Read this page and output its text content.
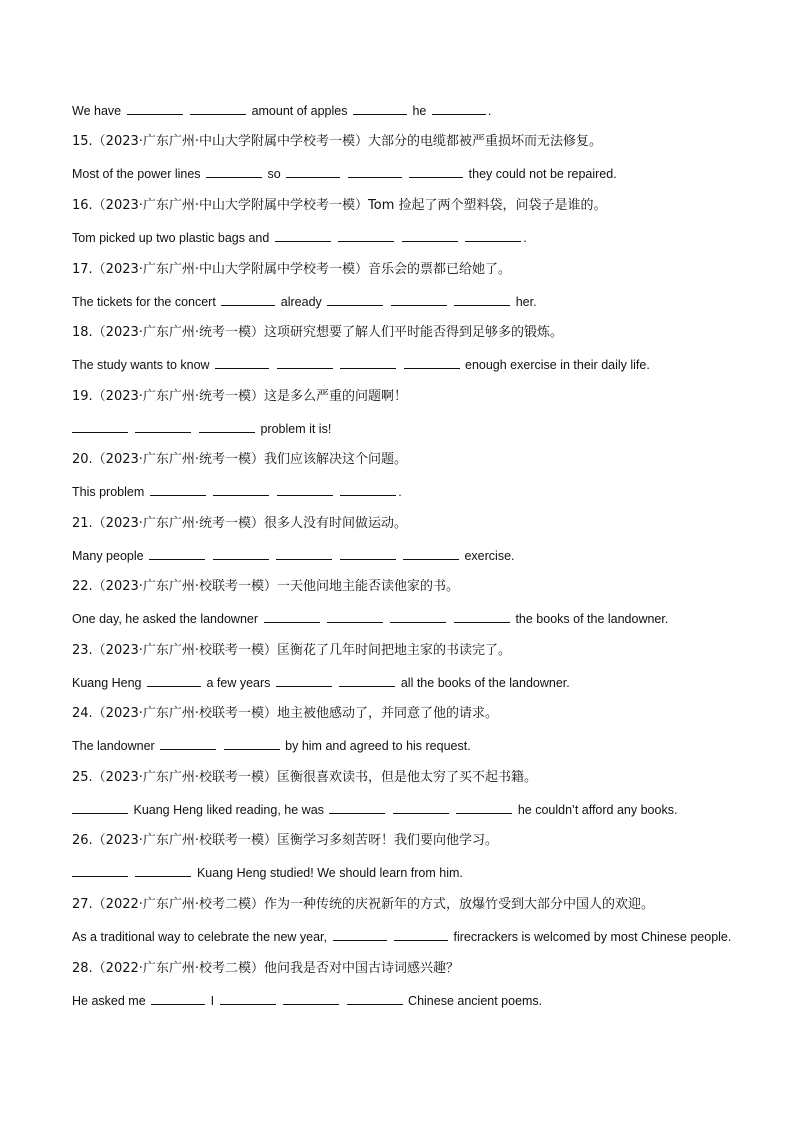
We have	amount of apples	he	.
15.（2023·广东广州·中山大学附属中学校考一模）大部分的电缆都被严重损坏而无法修复。
Most of the power lines	so	they could not be repaired.
16.（2023·广东广州·中山大学附属中学校考一模）Tom 捡起了两个塑料袋，问袋子是谁的。
Tom picked up two plastic bags and	.
17.（2023·广东广州·中山大学附属中学校考一模）音乐会的票都已给她了。
The tickets for the concert	already	her.
18.（2023·广东广州·统考一模）这项研究想要了解人们平时能否得到足够多的锻炼。
The study wants to know	enough exercise in their daily life.
19.（2023·广东广州·统考一模）这是多么严重的问题啊！
problem it is!
20.（2023·广东广州·统考一模）我们应该解决这个问题。
This problem	.
21.（2023·广东广州·统考一模）很多人没有时间做运动。
Many people	exercise.
22.（2023·广东广州·校联考一模）一天他问地主能否读他家的书。
One day, he asked the landowner	the books of the landowner.
23.（2023·广东广州·校联考一模）匡衡花了几年时间把地主家的书读完了。
Kuang Heng	a few years	all the books of the landowner.
24.（2023·广东广州·校联考一模）地主被他感动了，并同意了他的请求。
The landowner	by him and agreed to his request.
25.（2023·广东广州·校联考一模）匡衡很喜欢读书，但是他太穷了买不起书籍。
Kuang Heng liked reading, he was	he couldn’t afford any books.
26.（2023·广东广州·校联考一模）匡衡学习多刻苦呀！我们要向他学习。
Kuang Heng studied! We should learn from him.
27.（2022·广东广州·校考二模）作为一种传统的庆祝新年的方式，放爆竹受到大部分中国人的欢迎。
As a traditional way to celebrate the new year,	firecrackers is welcomed by most Chinese people.
28.（2022·广东广州·校考二模）他问我是否对中国古诗词感兴趣？
He asked me	I	Chinese ancient poems.
